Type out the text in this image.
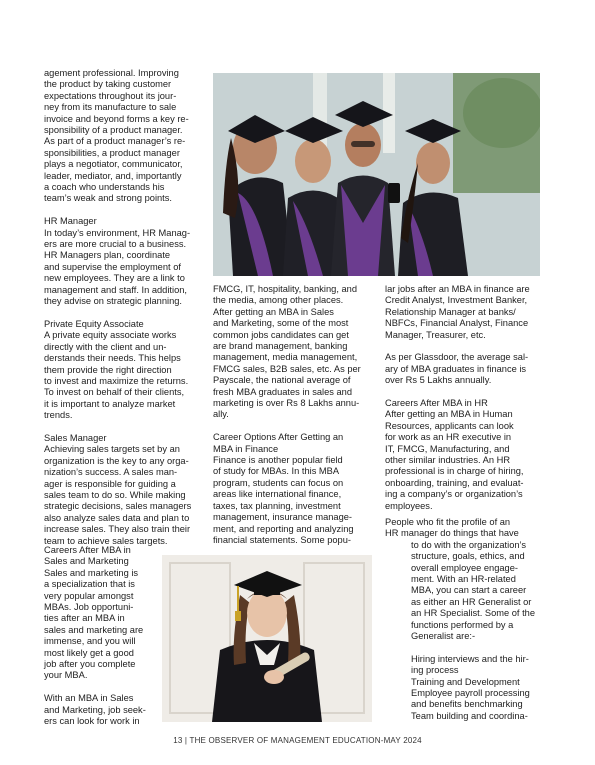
agement professional. Improving
the product by taking customer
expectations throughout its jour-
ney from its manufacture to sale
invoice and beyond forms a key re-
sponsibility of a product manager.
As part of a product manager’s re-
sponsibilities, a product manager
plays a negotiator, communicator,
leader, mediator, and, importantly
a coach who understands his
team’s weak and strong points.

HR Manager

In today’s environment, HR Manag-
ers are more crucial to a business.
HR Managers plan, coordinate
and supervise the employment of
new employees. They are a link to
management and staff. In addition,
they advise on strategic planning.

Private Equity Associate

A private equity associate works
directly with the client and un-
derstands their needs. This helps
them provide the right direction
to invest and maximize the returns.
To invest on behalf of their clients,
it is important to analyze market
trends.

Sales Manager

Achieving sales targets set by an
organization is the key to any orga-
nization’s success. A sales man-
ager is responsible for guiding a
sales team to do so. While making
strategic decisions, sales managers
also analyze sales data and plan to
increase sales. They also train their
team to achieve sales targets.

Careers After MBA in
Sales and Marketing

Sales and marketing is
a specialization that is
very popular amongst
MBAs. Job opportuni-
ties after an MBA in
sales and marketing are
immense, and you will
most likely get a good
job after you complete
your MBA.

With an MBA in Sales
and Marketing, job seek-
ers can look for work in

FMCG, IT, hospitality, banking, and
the media, among other places.
After getting an MBA in Sales
and Marketing, some of the most
common jobs candidates can get
are brand management, banking
management, media management,
FMCG sales, B2B sales, etc. As per
Payscale, the national average of
fresh MBA graduates in sales and
marketing is over Rs 8 Lakhs annu-
ally.

Career Options After Getting an
MBA in Finance

Finance is another popular field
of study for MBAs. In this MBA
program, students can focus on
areas like international finance,
taxes, tax planning, investment
management, insurance manage-
ment, and reporting and analyzing
financial statements. Some popu-

lar jobs after an MBA in finance are
Credit Analyst, Investment Banker,
Relationship Manager at banks/
NBFCs, Financial Analyst, Finance
Manager, Treasurer, etc.

As per Glassdoor, the average sal-
ary of MBA graduates in finance is
over Rs 5 Lakhs annually.

Careers After MBA in HR

After getting an MBA in Human
Resources, applicants can look
for work as an HR executive in
IT, FMCG, Manufacturing, and
other similar industries. An HR
professional is in charge of hiring,
onboarding, training, and evaluat-
ing a company’s or organization’s
employees.

People who fit the profile of an
HR manager do things that have

to do with the organization’s
structure, goals, ethics, and
overall employee engage-
ment. With an HR-related
MBA, you can start a career
as either an HR Generalist or
an HR Specialist. Some of the
functions performed by a
Generalist are:-

Hiring interviews and the hir-
ing process
Training and Development
Employee payroll processing
and benefits benchmarking
Team building and coordina-

13 | THE OBSERVER OF MANAGEMENT EDUCATION-MAY 2024
